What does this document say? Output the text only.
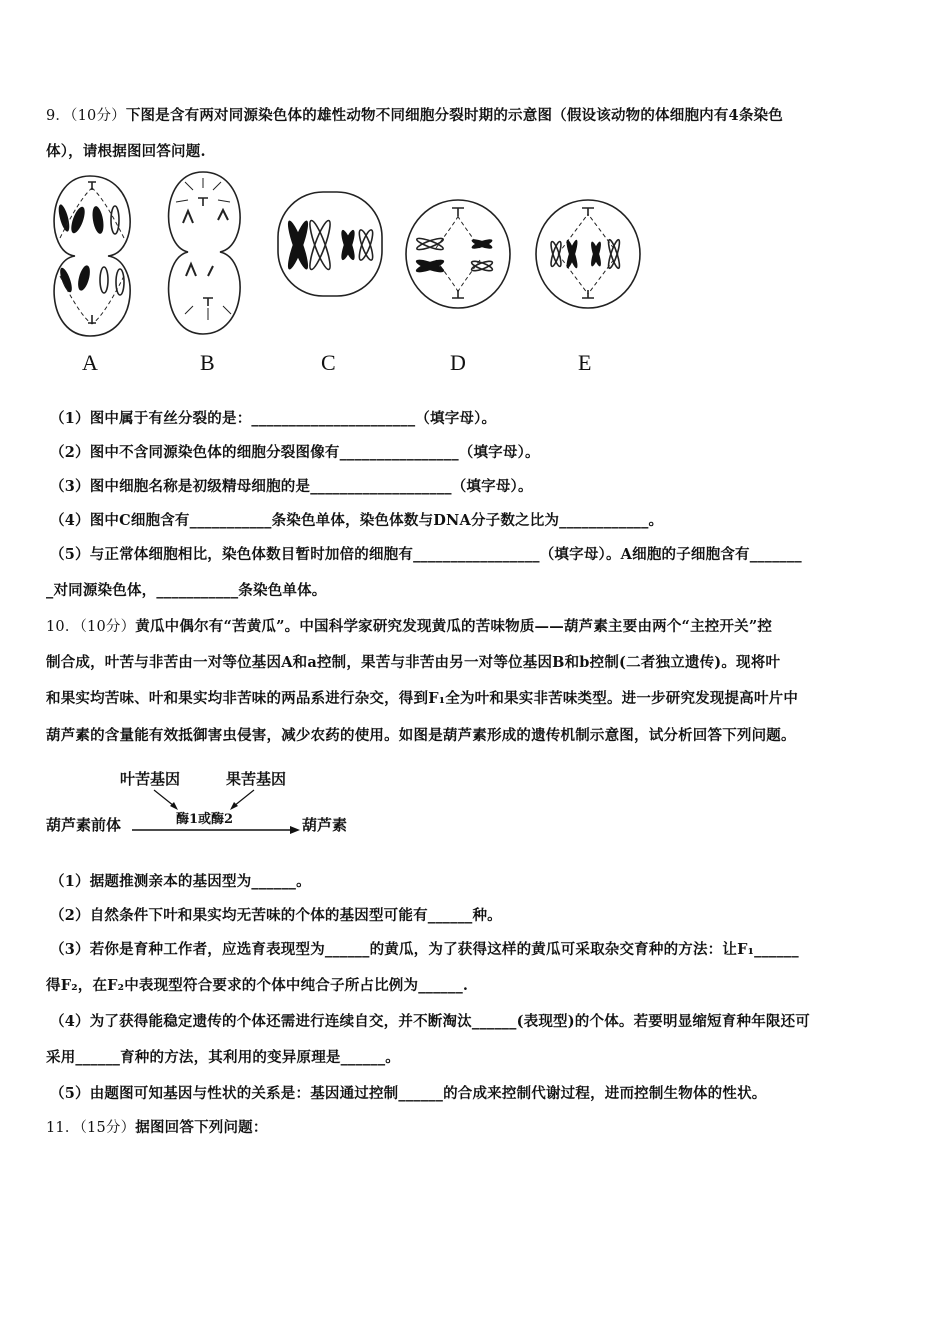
9．（10分）下图是含有两对同源染色体的雄性动物不同细胞分裂时期的示意图（假设该动物的体细胞内有4条染色
体），请根据图回答问题.
A	B	C	D	E
（1）图中属于有丝分裂的是：______________________（填字母）。
（2）图中不含同源染色体的细胞分裂图像有________________（填字母）。
（3）图中细胞名称是初级精母细胞的是___________________（填字母）。
（4）图中C细胞含有___________条染色单体，染色体数与DNA分子数之比为____________。
（5）与正常体细胞相比，染色体数目暂时加倍的细胞有_________________（填字母）。A细胞的子细胞含有_______
_对同源染色体，___________条染色单体。
10．（10分）黄瓜中偶尔有“苦黄瓜”。中国科学家研究发现黄瓜的苦味物质——葫芦素主要由两个“主控开关”控
制合成，叶苦与非苦由一对等位基因A和a控制，果苦与非苦由另一对等位基因B和b控制(二者独立遗传)。现将叶
和果实均苦味、叶和果实均非苦味的两品系进行杂交，得到F₁全为叶和果实非苦味类型。进一步研究发现提高叶片中
葫芦素的含量能有效抵御害虫侵害，减少农药的使用。如图是葫芦素形成的遗传机制示意图，试分析回答下列问题。
叶苦基因	果苦基因
酶1或酶2
葫芦素前体	葫芦素
（1）据题推测亲本的基因型为______。
（2）自然条件下叶和果实均无苦味的个体的基因型可能有______种。
（3）若你是育种工作者，应选育表现型为______的黄瓜，为了获得这样的黄瓜可采取杂交育种的方法：让F₁______
得F₂，在F₂中表现型符合要求的个体中纯合子所占比例为______.
（4）为了获得能稳定遗传的个体还需进行连续自交，并不断淘汰______(表现型)的个体。若要明显缩短育种年限还可
采用______育种的方法，其利用的变异原理是______。
（5）由题图可知基因与性状的关系是：基因通过控制______的合成来控制代谢过程，进而控制生物体的性状。
11．（15分）据图回答下列问题：
